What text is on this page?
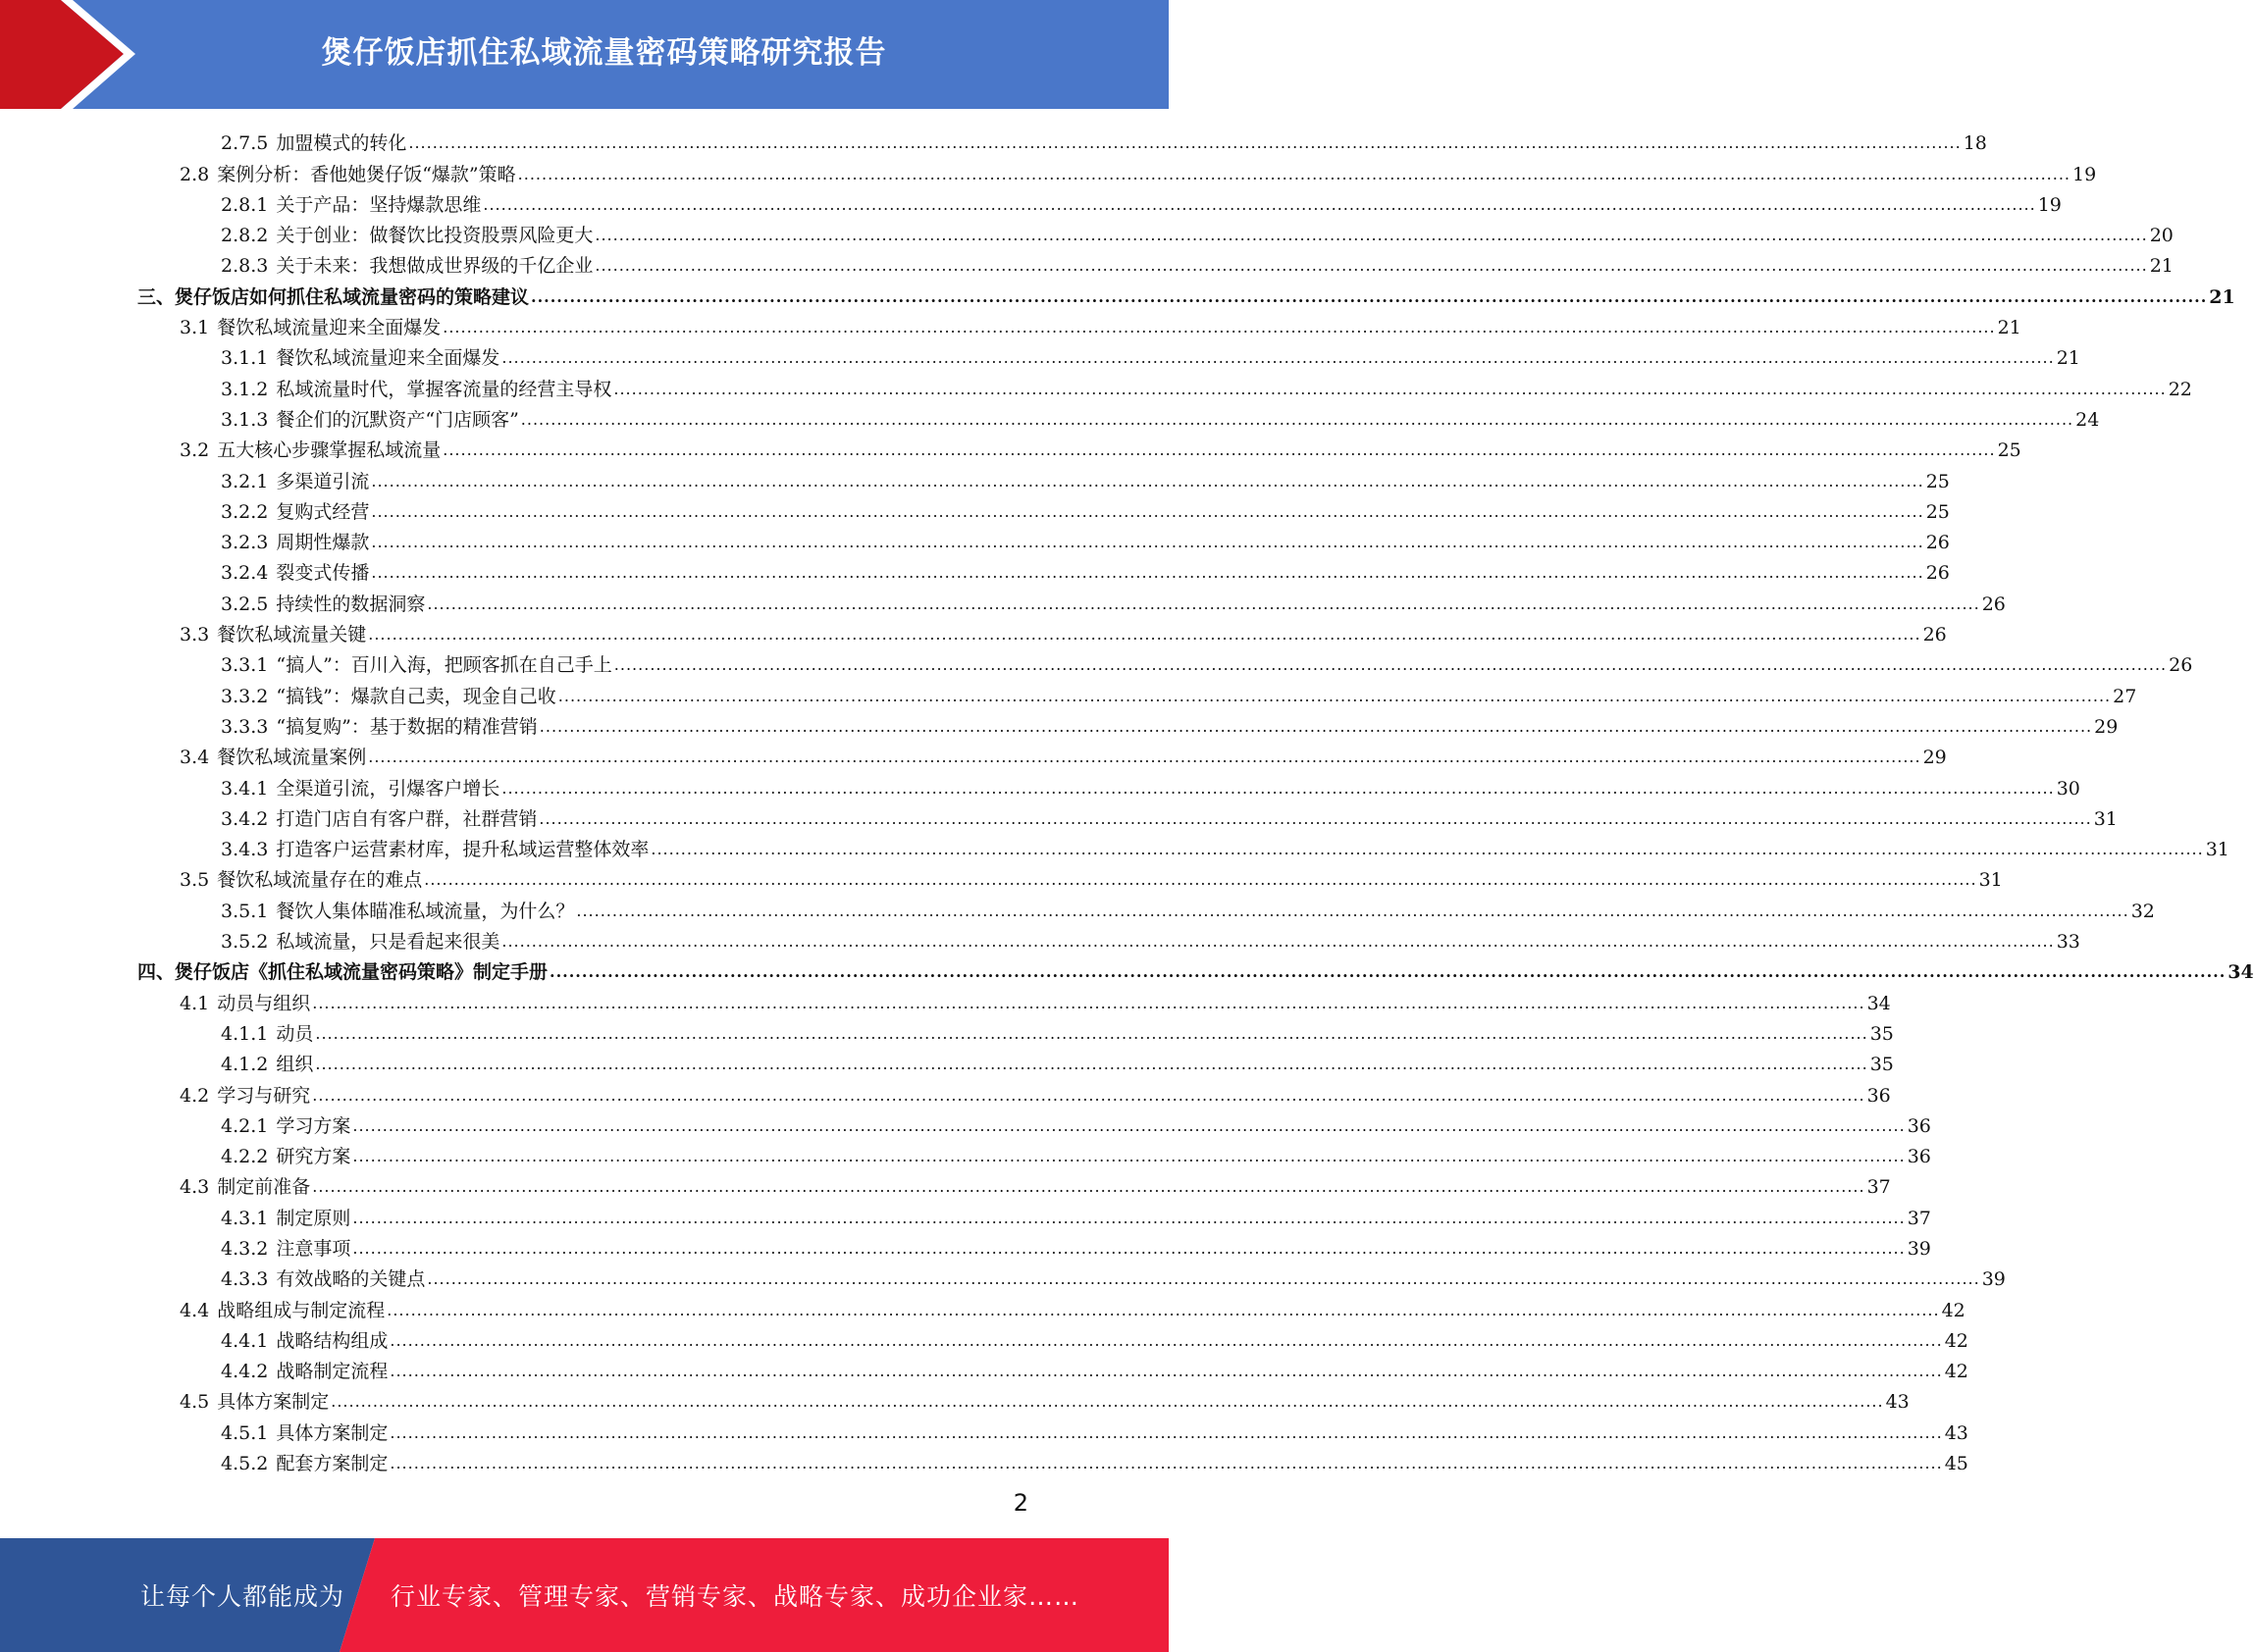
煲仔饭店抓住私域流量密码策略研究报告
2.7.5 加盟模式的转化 .................................................................................................................................................................................................................................................................... 18
2.8 案例分析：香他她煲仔饭“爆款”策略 .................................................................................................................................................................................................................................................................... 19
2.8.1 关于产品：坚持爆款思维 .................................................................................................................................................................................................................................................................... 19
2.8.2 关于创业：做餐饮比投资股票风险更大 .................................................................................................................................................................................................................................................................... 20
2.8.3 关于未来：我想做成世界级的千亿企业 .................................................................................................................................................................................................................................................................... 21
三、煲仔饭店如何抓住私域流量密码的策略建议 .................................................................................................................................................................................................................................................................... 21
3.1 餐饮私域流量迎来全面爆发 .................................................................................................................................................................................................................................................................... 21
3.1.1 餐饮私域流量迎来全面爆发 .................................................................................................................................................................................................................................................................... 21
3.1.2 私域流量时代，掌握客流量的经营主导权 .................................................................................................................................................................................................................................................................... 22
3.1.3 餐企们的沉默资产“门店顾客” .................................................................................................................................................................................................................................................................... 24
3.2 五大核心步骤掌握私域流量 .................................................................................................................................................................................................................................................................... 25
3.2.1 多渠道引流 .................................................................................................................................................................................................................................................................... 25
3.2.2 复购式经营 .................................................................................................................................................................................................................................................................... 25
3.2.3 周期性爆款 .................................................................................................................................................................................................................................................................... 26
3.2.4 裂变式传播 .................................................................................................................................................................................................................................................................... 26
3.2.5 持续性的数据洞察 .................................................................................................................................................................................................................................................................... 26
3.3 餐饮私域流量关键 .................................................................................................................................................................................................................................................................... 26
3.3.1 “搞人”：百川入海，把顾客抓在自己手上 .................................................................................................................................................................................................................................................................... 26
3.3.2 “搞钱”：爆款自己卖，现金自己收 .................................................................................................................................................................................................................................................................... 27
3.3.3 “搞复购”：基于数据的精准营销 .................................................................................................................................................................................................................................................................... 29
3.4 餐饮私域流量案例 .................................................................................................................................................................................................................................................................... 29
3.4.1 全渠道引流，引爆客户增长 .................................................................................................................................................................................................................................................................... 30
3.4.2 打造门店自有客户群，社群营销 .................................................................................................................................................................................................................................................................... 31
3.4.3 打造客户运营素材库，提升私域运营整体效率 .................................................................................................................................................................................................................................................................... 31
3.5 餐饮私域流量存在的难点 .................................................................................................................................................................................................................................................................... 31
3.5.1 餐饮人集体瞄准私域流量，为什么？ .................................................................................................................................................................................................................................................................... 32
3.5.2 私域流量，只是看起来很美 .................................................................................................................................................................................................................................................................... 33
四、煲仔饭店《抓住私域流量密码策略》制定手册 .................................................................................................................................................................................................................................................................... 34
4.1 动员与组织 .................................................................................................................................................................................................................................................................... 34
4.1.1 动员 .................................................................................................................................................................................................................................................................... 35
4.1.2 组织 .................................................................................................................................................................................................................................................................... 35
4.2 学习与研究 .................................................................................................................................................................................................................................................................... 36
4.2.1 学习方案 .................................................................................................................................................................................................................................................................... 36
4.2.2 研究方案 .................................................................................................................................................................................................................................................................... 36
4.3 制定前准备 .................................................................................................................................................................................................................................................................... 37
4.3.1 制定原则 .................................................................................................................................................................................................................................................................... 37
4.3.2 注意事项 .................................................................................................................................................................................................................................................................... 39
4.3.3 有效战略的关键点 .................................................................................................................................................................................................................................................................... 39
4.4 战略组成与制定流程 .................................................................................................................................................................................................................................................................... 42
4.4.1 战略结构组成 .................................................................................................................................................................................................................................................................... 42
4.4.2 战略制定流程 .................................................................................................................................................................................................................................................................... 42
4.5 具体方案制定 .................................................................................................................................................................................................................................................................... 43
4.5.1 具体方案制定 .................................................................................................................................................................................................................................................................... 43
4.5.2 配套方案制定 .................................................................................................................................................................................................................................................................... 45
2
让每个人都能成为 行业专家、管理专家、营销专家、战略专家、成功企业家……
